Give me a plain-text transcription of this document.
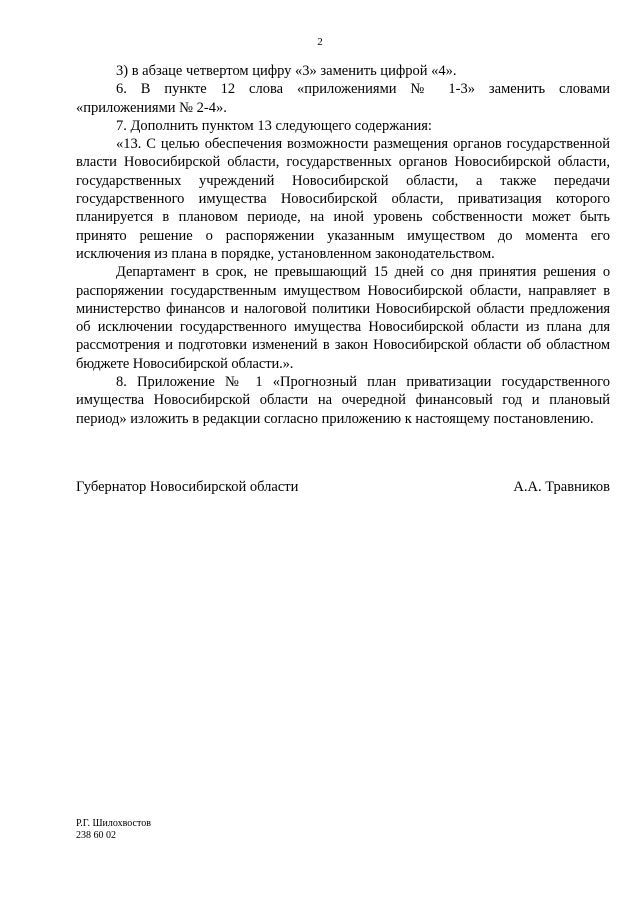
2

3) в абзаце четвертом цифру «3» заменить цифрой «4».

6. В пункте 12 слова «приложениями № 1-3» заменить словами «приложениями № 2-4».

7. Дополнить пунктом 13 следующего содержания:

«13. С целью обеспечения возможности размещения органов государственной власти Новосибирской области, государственных органов Новосибирской области, государственных учреждений Новосибирской области, а также передачи государственного имущества Новосибирской области, приватизация которого планируется в плановом периоде, на иной уровень собственности может быть принято решение о распоряжении указанным имуществом до момента его исключения из плана в порядке, установленном законодательством.

Департамент в срок, не превышающий 15 дней со дня принятия решения о распоряжении государственным имуществом Новосибирской области, направляет в министерство финансов и налоговой политики Новосибирской области предложения об исключении государственного имущества Новосибирской области из плана для рассмотрения и подготовки изменений в закон Новосибирской области об областном бюджете Новосибирской области.».

8. Приложение № 1 «Прогнозный план приватизации государственного имущества Новосибирской области на очередной финансовый год и плановый период» изложить в редакции согласно приложению к настоящему постановлению.

Губернатор Новосибирской области	А.А. Травников
Р.Г. Шилохвостов
238 60 02
